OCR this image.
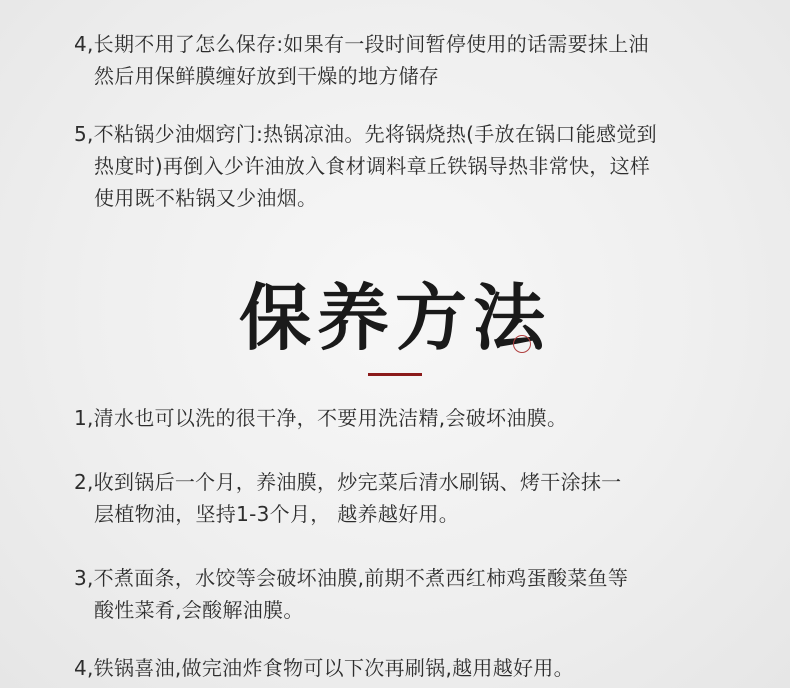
4,长期不用了怎么保存:如果有一段时间暂停使用的话需要抹上油
然后用保鲜膜缠好放到干燥的地方储存
5,不粘锅少油烟窍门:热锅凉油。先将锅烧热(手放在锅口能感觉到
热度时)再倒入少许油放入食材调料章丘铁锅导热非常快，这样
使用既不粘锅又少油烟。
保养方法
1,清水也可以洗的很干净，不要用洗洁精,会破坏油膜。
2,收到锅后一个月，养油膜，炒完菜后清水刷锅、烤干涂抹一
层植物油，坚持1-3个月， 越养越好用。
3,不煮面条，水饺等会破坏油膜,前期不煮西红柿鸡蛋酸菜鱼等
酸性菜肴,会酸解油膜。
4,铁锅喜油,做完油炸食物可以下次再刷锅,越用越好用。
